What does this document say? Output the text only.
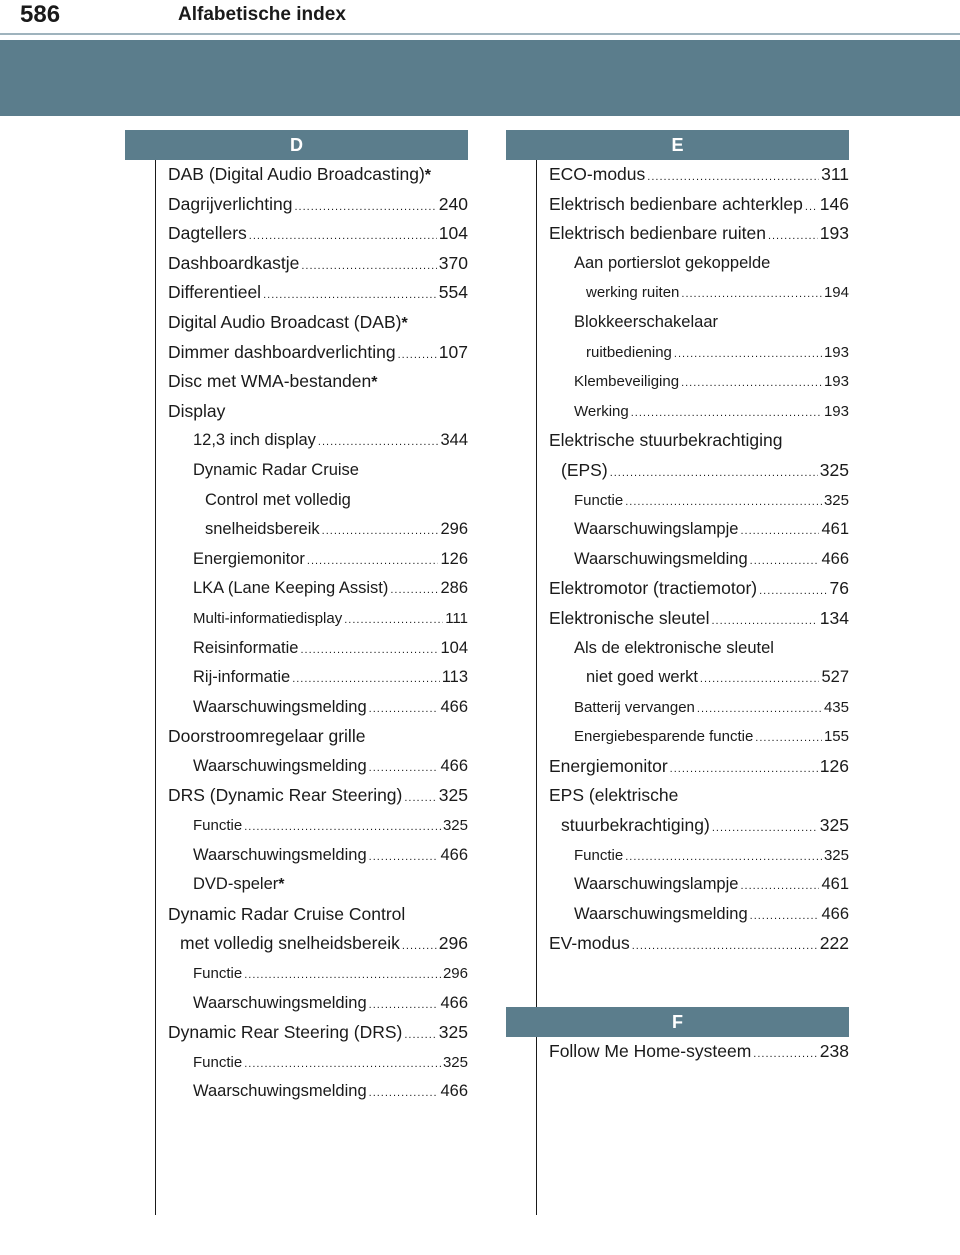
586	Alfabetische index
D
DAB (Digital Audio Broadcasting) *
Dagrijverlichting .....	240
Dagtellers .....	104
Dashboardkastje .....	370
Differentieel .....	554
Digital Audio Broadcast (DAB) *
Dimmer dashboardverlichting ..... 107
Disc met WMA-bestanden *
Display
12,3 inch display .....	344
Dynamic Radar Cruise
Control met volledig
snelheidsbereik .....	296
Energiemonitor .....	126
LKA (Lane Keeping Assist) .....	286
Multi-informatiedisplay .....	111
Reisinformatie .....	104
Rij-informatie .....	113
Waarschuwingsmelding .....	466
Doorstroomregelaar grille
Waarschuwingsmelding .....	466
DRS (Dynamic Rear Steering) ..... 325
Functie .....	325
Waarschuwingsmelding .....	466
DVD-speler *
Dynamic Radar Cruise Control
met volledig snelheidsbereik ..... 296
Functie .....	296
Waarschuwingsmelding .....	466
Dynamic Rear Steering (DRS) ..... 325
Functie .....	325
Waarschuwingsmelding .....	466
E
ECO-modus .....	311
Elektrisch bedienbare achterklep ..... 146
Elektrisch bedienbare ruiten .....	193
Aan portierslot gekoppelde
werking ruiten .....	194
Blokkeerschakelaar
ruitbediening .....	193
Klembeveiliging .....	193
Werking .....	193
Elektrische stuurbekrachtiging
(EPS) .....	325
Functie .....	325
Waarschuwingslampje .....	461
Waarschuwingsmelding .....	466
Elektromotor (tractiemotor) .....	76
Elektronische sleutel .....	134
Als de elektronische sleutel
niet goed werkt .....	527
Batterij vervangen .....	435
Energiebesparende functie .....	155
Energiemonitor .....	126
EPS (elektrische
stuurbekrachtiging) .....	325
Functie .....	325
Waarschuwingslampje .....	461
Waarschuwingsmelding .....	466
EV-modus .....	222
F
Follow Me Home-systeem .....	238
